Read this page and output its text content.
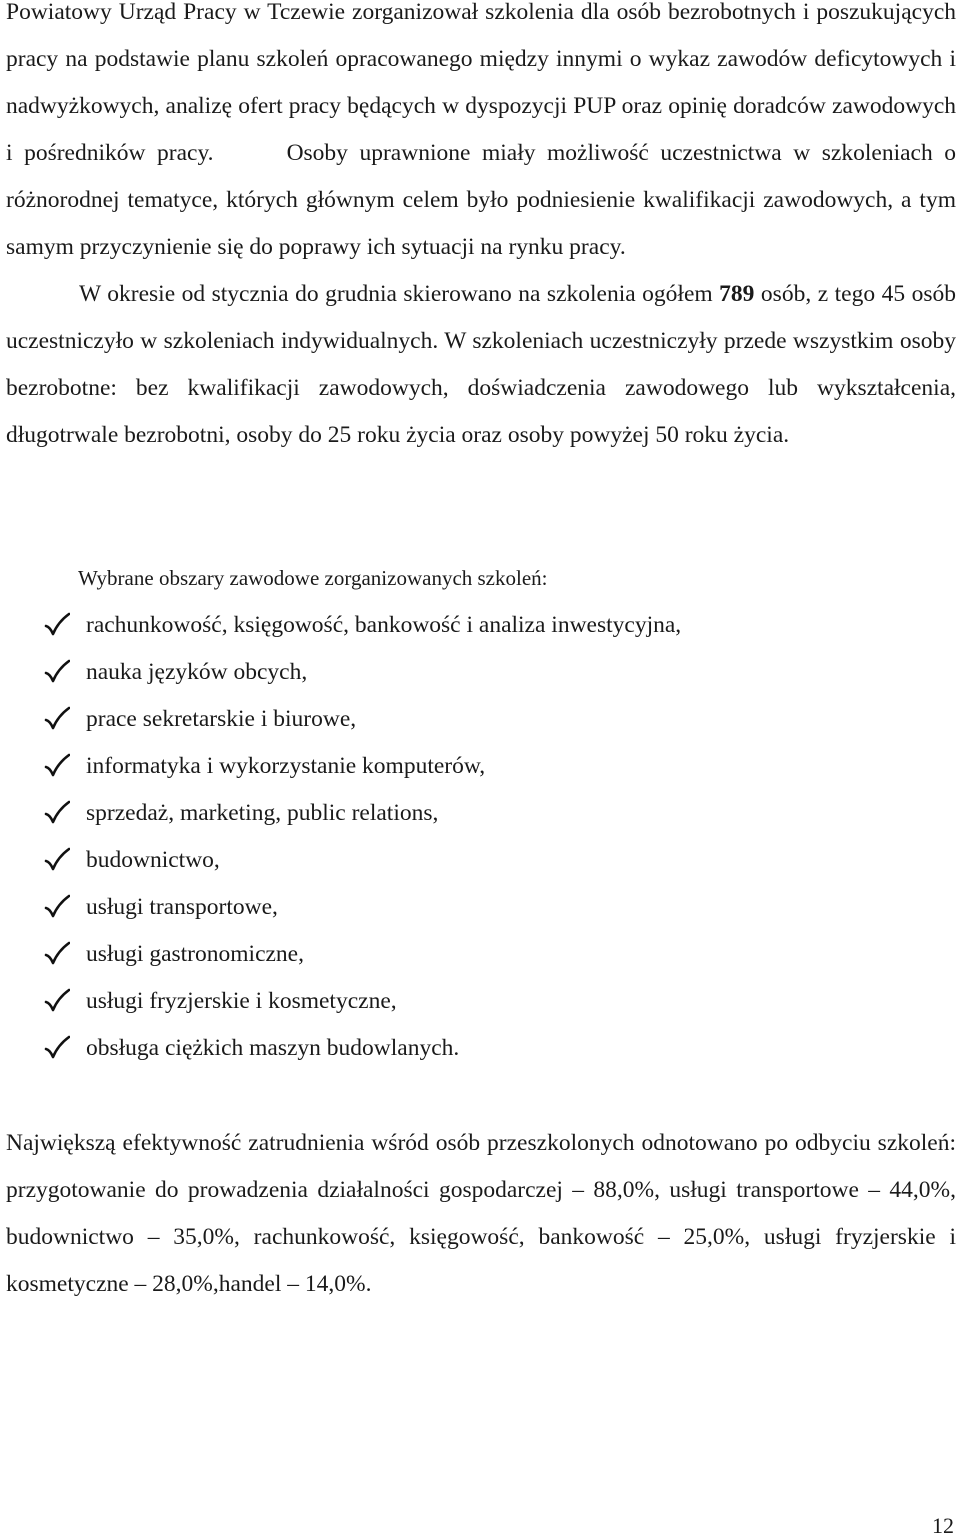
Powiatowy Urząd Pracy w Tczewie zorganizował szkolenia dla osób bezrobotnych i poszukujących pracy na podstawie planu szkoleń opracowanego między innymi o wykaz zawodów deficytowych i nadwyżkowych, analizę ofert pracy będących w dyspozycji PUP oraz opinię doradców zawodowych i pośredników pracy.	Osoby uprawnione miały możliwość uczestnictwa w szkoleniach o różnorodnej tematyce, których głównym celem było podniesienie kwalifikacji zawodowych, a tym samym przyczynienie się do poprawy ich sytuacji na rynku pracy.
W okresie od stycznia do grudnia skierowano na szkolenia ogółem 789 osób, z tego 45 osób uczestniczyło w szkoleniach indywidualnych. W szkoleniach uczestniczyły przede wszystkim osoby bezrobotne: bez kwalifikacji zawodowych, doświadczenia zawodowego lub wykształcenia, długotrwale bezrobotni, osoby do 25 roku życia oraz osoby powyżej 50 roku życia.

Wybrane obszary zawodowe zorganizowanych szkoleń:

rachunkowość, księgowość, bankowość i analiza inwestycyjna,
nauka języków obcych,
prace sekretarskie i biurowe,
informatyka i wykorzystanie komputerów,
sprzedaż, marketing, public relations,
budownictwo,
usługi transportowe,
usługi gastronomiczne,
usługi fryzjerskie i kosmetyczne,
obsługa ciężkich maszyn budowlanych.

Największą efektywność zatrudnienia wśród osób przeszkolonych odnotowano po odbyciu szkoleń: przygotowanie do prowadzenia działalności gospodarczej – 88,0%, usługi transportowe – 44,0%, budownictwo – 35,0%, rachunkowość, księgowość, bankowość – 25,0%, usługi fryzjerskie i kosmetyczne – 28,0%,handel – 14,0%.

12
